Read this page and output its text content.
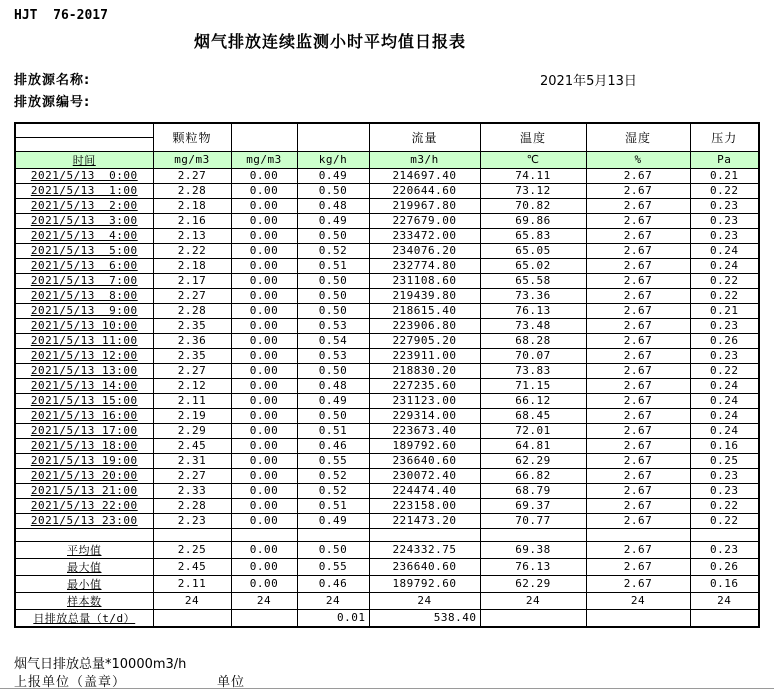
HJT  76-2017
烟气排放连续监测小时平均值日报表
排放源名称:
排放源编号:
2021年5月13日
	颗粒物			流量	温度	湿度	压力
时间	mg/m3	mg/m3	kg/h	m3/h	℃	%	Pa
2021/5/13  0:00	2.27	0.00	0.49	214697.40	74.11	2.67	0.21
2021/5/13  1:00	2.28	0.00	0.50	220644.60	73.12	2.67	0.22
2021/5/13  2:00	2.18	0.00	0.48	219967.80	70.82	2.67	0.23
2021/5/13  3:00	2.16	0.00	0.49	227679.00	69.86	2.67	0.23
2021/5/13  4:00	2.13	0.00	0.50	233472.00	65.83	2.67	0.23
2021/5/13  5:00	2.22	0.00	0.52	234076.20	65.05	2.67	0.24
2021/5/13  6:00	2.18	0.00	0.51	232774.80	65.02	2.67	0.24
2021/5/13  7:00	2.17	0.00	0.50	231108.60	65.58	2.67	0.22
2021/5/13  8:00	2.27	0.00	0.50	219439.80	73.36	2.67	0.22
2021/5/13  9:00	2.28	0.00	0.50	218615.40	76.13	2.67	0.21
2021/5/13 10:00	2.35	0.00	0.53	223906.80	73.48	2.67	0.23
2021/5/13 11:00	2.36	0.00	0.54	227905.20	68.28	2.67	0.26
2021/5/13 12:00	2.35	0.00	0.53	223911.00	70.07	2.67	0.23
2021/5/13 13:00	2.27	0.00	0.50	218830.20	73.83	2.67	0.22
2021/5/13 14:00	2.12	0.00	0.48	227235.60	71.15	2.67	0.24
2021/5/13 15:00	2.11	0.00	0.49	231123.00	66.12	2.67	0.24
2021/5/13 16:00	2.19	0.00	0.50	229314.00	68.45	2.67	0.24
2021/5/13 17:00	2.29	0.00	0.51	223673.40	72.01	2.67	0.24
2021/5/13 18:00	2.45	0.00	0.46	189792.60	64.81	2.67	0.16
2021/5/13 19:00	2.31	0.00	0.55	236640.60	62.29	2.67	0.25
2021/5/13 20:00	2.27	0.00	0.52	230072.40	66.82	2.67	0.23
2021/5/13 21:00	2.33	0.00	0.52	224474.40	68.79	2.67	0.23
2021/5/13 22:00	2.28	0.00	0.51	223158.00	69.37	2.67	0.22
2021/5/13 23:00	2.23	0.00	0.49	221473.20	70.77	2.67	0.22

平均值	2.25	0.00	0.50	224332.75	69.38	2.67	0.23
最大值	2.45	0.00	0.55	236640.60	76.13	2.67	0.26
最小值	2.11	0.00	0.46	189792.60	62.29	2.67	0.16
样本数	24	24	24	24	24	24	24
日排放总量（t/d）			0.01	538.40			
烟气日排放总量*10000m3/h
上报单位（盖章）	单位
